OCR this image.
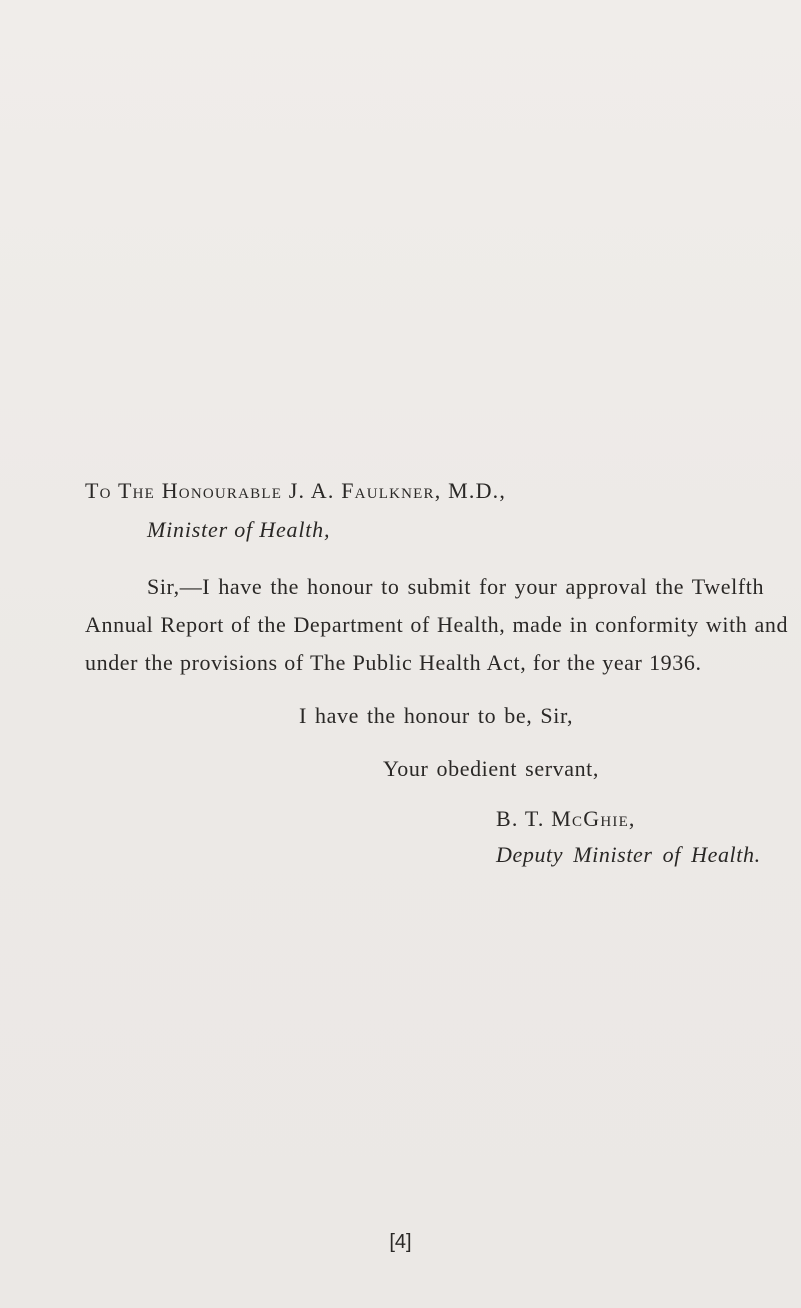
To The Honourable J. A. Faulkner, M.D.,
Minister of Health,
Sir,—I have the honour to submit for your approval the Twelfth
Annual Report of the Department of Health, made in conformity with and
under the provisions of The Public Health Act, for the year 1936.
I have the honour to be, Sir,
Your obedient servant,
B. T. McGhie,
Deputy Minister of Health.
[4]
